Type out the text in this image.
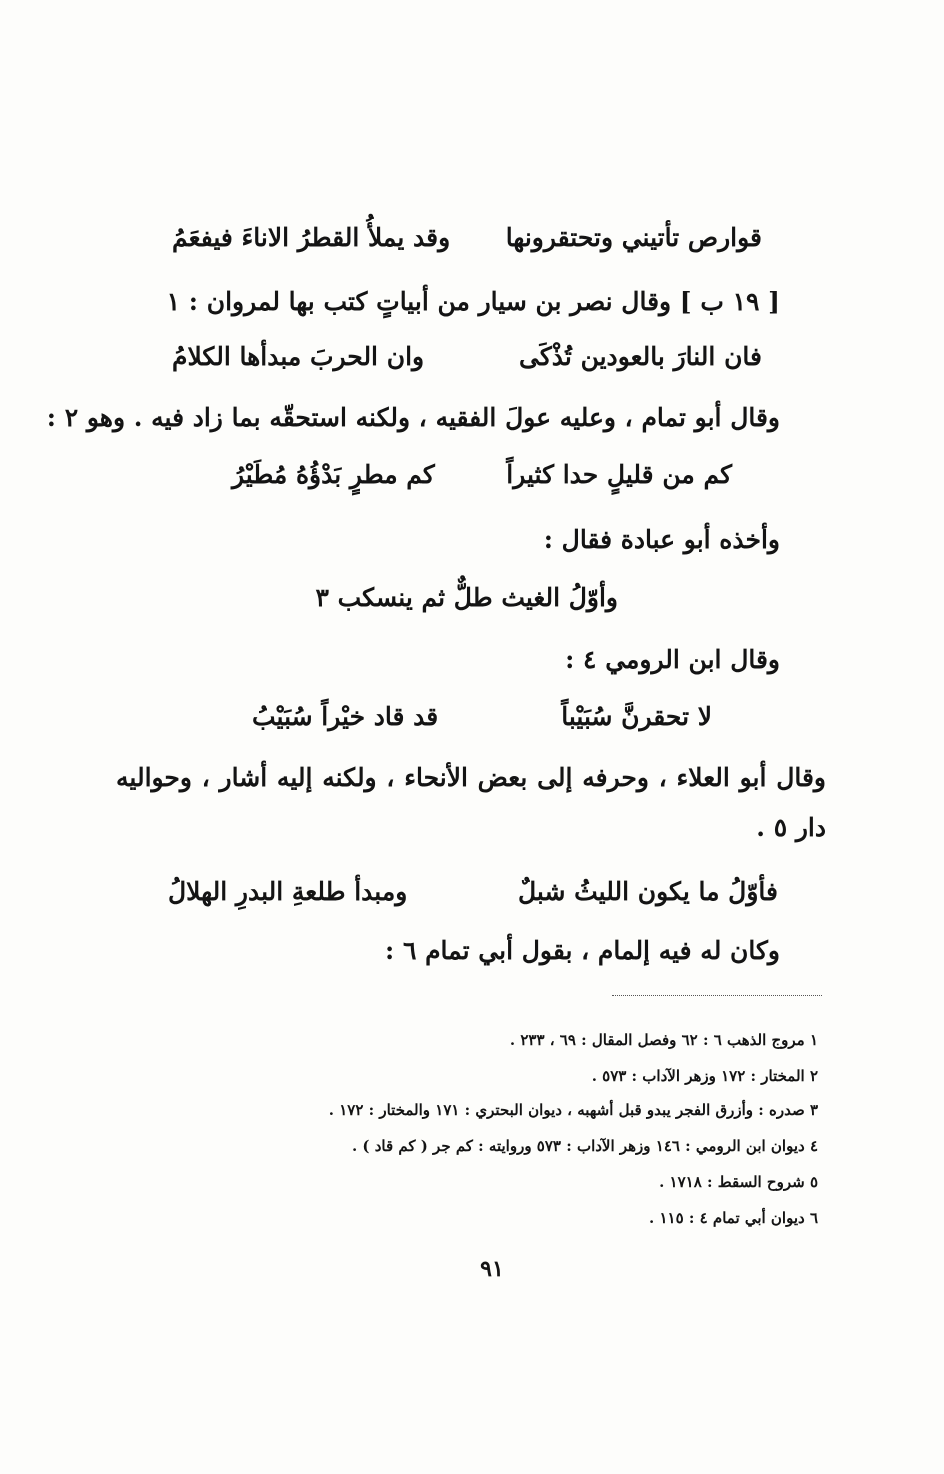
قوارص تأتيني وتحتقرونها
وقد يملأُ القطرُ الاناءَ فيفعَمُ
[ ١٩ ب ] وقال نصر بن سيار من أبياتٍ كتب بها لمروان : ١
فان النارَ بالعودين تُذْكَى
وان الحربَ مبدأها الكلامُ
وقال أبو تمام ، وعليه عولَ الفقيه ، ولكنه استحقّه بما زاد فيه . وهو ٢ :
كم من قليلٍ حدا كثيراً
كم مطرٍ بَدْؤُهُ مُطَيْرُ
وأخذه أبو عبادة فقال :
وأوّلُ الغيث طلٌّ ثم ينسكب ٣
وقال ابن الرومي ٤ :
لا تحقرنَّ سُبَيْباً
قد قاد خيْراً سُبَيْبُ
وقال أبو العلاء ، وحرفه إلى بعض الأنحاء ، ولكنه إليه أشار ، وحواليه
دار ٥ .
فأوّلُ ما يكون الليثُ شبلٌ
ومبدأ طلعةِ البدرِ الهلالُ
وكان له فيه إلمام ، بقول أبي تمام ٦ :
١ مروج الذهب ٦ : ٦٢ وفصل المقال : ٦٩ ، ٢٣٣ .
٢ المختار : ١٧٢ وزهر الآداب : ٥٧٣ .
٣ صدره : وأزرق الفجر يبدو قبل أشهبه ، ديوان البحتري : ١٧١ والمختار : ١٧٢ .
٤ ديوان ابن الرومي : ١٤٦ وزهر الآداب : ٥٧٣ وروايته : كم جر ( كم قاد ) .
٥ شروح السقط : ١٧١٨ .
٦ ديوان أبي تمام ٤ : ١١٥ .
٩١
